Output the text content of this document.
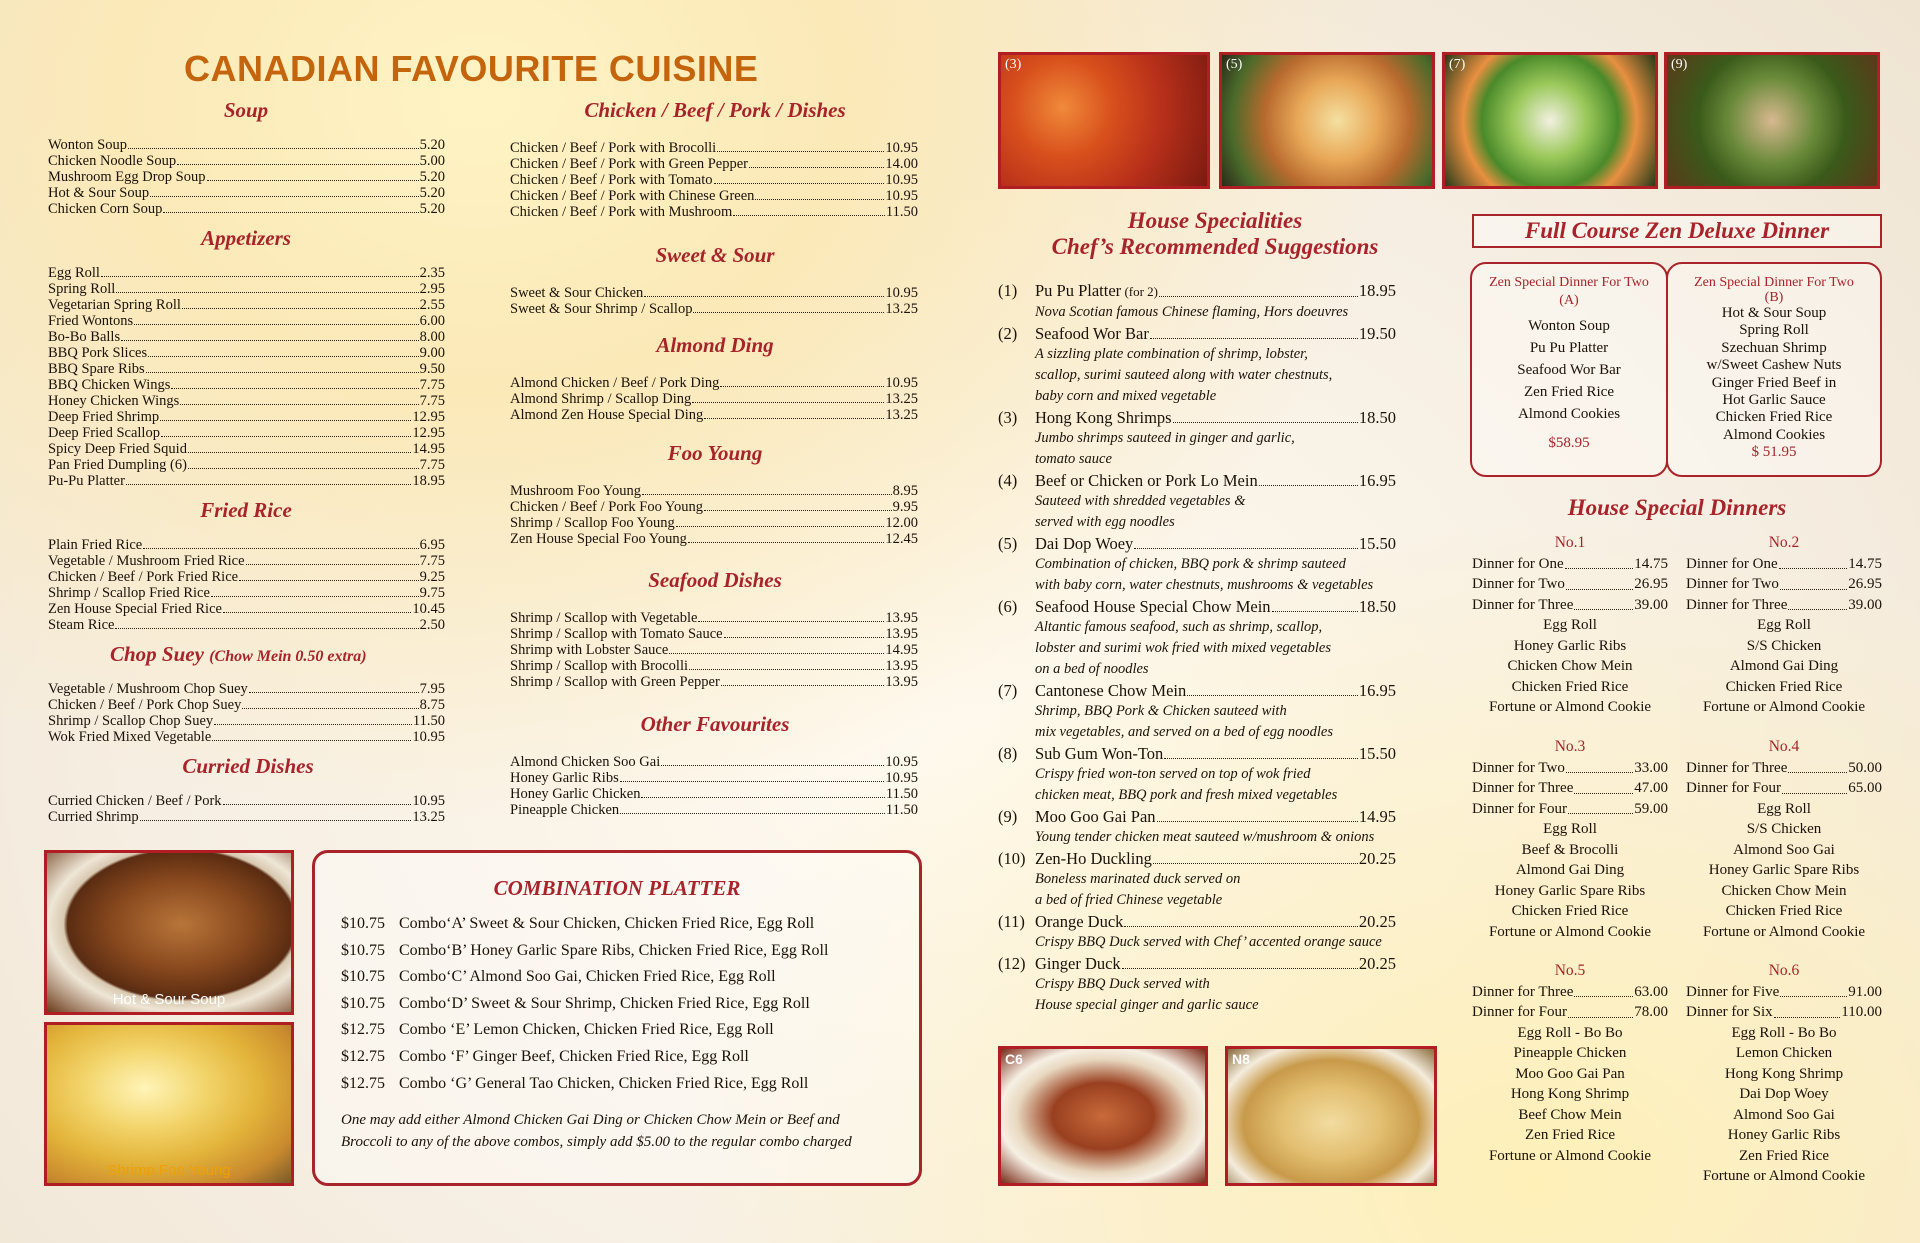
CANADIAN FAVOURITE CUISINE
Soup
Wonton Soup	5.20
Chicken Noodle Soup	5.00
Mushroom Egg Drop Soup	5.20
Hot & Sour Soup	5.20
Chicken Corn Soup	5.20
Appetizers
Egg Roll	2.35
Spring Roll	2.95
Vegetarian Spring Roll	2.55
Fried Wontons	6.00
Bo-Bo Balls	8.00
BBQ Pork Slices	9.00
BBQ Spare Ribs	9.50
BBQ Chicken Wings	7.75
Honey Chicken Wings	7.75
Deep Fried Shrimp	12.95
Deep Fried Scallop	12.95
Spicy Deep Fried Squid	14.95
Pan Fried Dumpling (6)	7.75
Pu-Pu Platter	18.95
Fried Rice
Plain Fried Rice	6.95
Vegetable / Mushroom Fried Rice	7.75
Chicken / Beef / Pork Fried Rice	9.25
Shrimp / Scallop Fried Rice	9.75
Zen House Special Fried Rice	10.45
Steam Rice	2.50
Chop Suey (Chow Mein 0.50 extra)
Vegetable / Mushroom Chop Suey	7.95
Chicken / Beef / Pork Chop Suey	8.75
Shrimp / Scallop Chop Suey	11.50
Wok Fried Mixed Vegetable	10.95
Curried Dishes
Curried Chicken / Beef / Pork	10.95
Curried Shrimp	13.25
Hot & Sour Soup
Shrimp Foo Young
Chicken / Beef / Pork / Dishes
Chicken / Beef / Pork with Brocolli	10.95
Chicken / Beef / Pork with Green Pepper	14.00
Chicken / Beef / Pork with Tomato	10.95
Chicken / Beef / Pork with Chinese Green	10.95
Chicken / Beef / Pork with Mushroom	11.50
Sweet & Sour
Sweet & Sour Chicken	10.95
Sweet & Sour Shrimp / Scallop	13.25
Almond Ding
Almond Chicken / Beef / Pork Ding	10.95
Almond Shrimp / Scallop Ding	13.25
Almond Zen House Special Ding	13.25
Foo Young
Mushroom Foo Young	8.95
Chicken / Beef / Pork Foo Young	9.95
Shrimp / Scallop Foo Young	12.00
Zen House Special Foo Young	12.45
Seafood Dishes
Shrimp / Scallop with Vegetable	13.95
Shrimp / Scallop with Tomato Sauce	13.95
Shrimp with Lobster Sauce	14.95
Shrimp / Scallop with Brocolli	13.95
Shrimp / Scallop with Green Pepper	13.95
Other Favourites
Almond Chicken Soo Gai	10.95
Honey Garlic Ribs	10.95
Honey Garlic Chicken	11.50
Pineapple Chicken	11.50
COMBINATION PLATTER
$10.75 Combo‘A’ Sweet & Sour Chicken, Chicken Fried Rice, Egg Roll
$10.75 Combo‘B’ Honey Garlic Spare Ribs, Chicken Fried Rice, Egg Roll
$10.75 Combo‘C’ Almond Soo Gai, Chicken Fried Rice, Egg Roll
$10.75 Combo‘D’ Sweet & Sour Shrimp, Chicken Fried Rice, Egg Roll
$12.75 Combo ‘E’ Lemon Chicken, Chicken Fried Rice, Egg Roll
$12.75 Combo ‘F’ Ginger Beef, Chicken Fried Rice, Egg Roll
$12.75 Combo ‘G’ General Tao Chicken, Chicken Fried Rice, Egg Roll
One may add either Almond Chicken Gai Ding or Chicken Chow Mein or Beef and
Broccoli to any of the above combos, simply add $5.00 to the regular combo charged
(3)	(5)	(7)	(9)
House Specialities
Chef’s Recommended Suggestions
(1)	Pu Pu Platter (for 2)	18.95
Nova Scotian famous Chinese flaming, Hors doeuvres
(2)	Seafood Wor Bar	19.50
A sizzling plate combination of shrimp, lobster,
scallop, surimi sauteed along with water chestnuts,
baby corn and mixed vegetable
(3)	Hong Kong Shrimps	18.50
Jumbo shrimps sauteed in ginger and garlic,
tomato sauce
(4)	Beef or Chicken or Pork Lo Mein	16.95
Sauteed with shredded vegetables &
served with egg noodles
(5)	Dai Dop Woey	15.50
Combination of chicken, BBQ pork & shrimp sauteed
with baby corn, water chestnuts, mushrooms & vegetables
(6)	Seafood House Special Chow Mein	18.50
Altantic famous seafood, such as shrimp, scallop,
lobster and surimi wok fried with mixed vegetables
on a bed of noodles
(7)	Cantonese Chow Mein	16.95
Shrimp, BBQ Pork & Chicken sauteed with
mix vegetables, and served on a bed of egg noodles
(8)	Sub Gum Won-Ton	15.50
Crispy fried won-ton served on top of wok fried
chicken meat, BBQ pork and fresh mixed vegetables
(9)	Moo Goo Gai Pan	14.95
Young tender chicken meat sauteed w/mushroom & onions
(10) Zen-Ho Duckling	20.25
Boneless marinated duck served on
a bed of fried Chinese vegetable
(11) Orange Duck	20.25
Crispy BBQ Duck served with Chef’ accented orange sauce
(12) Ginger Duck	20.25
Crispy BBQ Duck served with
House special ginger and garlic sauce
C6	N8
Full Course Zen Deluxe Dinner
Zen Special Dinner For Two
(A)
Wonton Soup
Pu Pu Platter
Seafood Wor Bar
Zen Fried Rice
Almond Cookies
$58.95
Zen Special Dinner For Two
(B)
Hot & Sour Soup
Spring Roll
Szechuan Shrimp
w/Sweet Cashew Nuts
Ginger Fried Beef in
Hot Garlic Sauce
Chicken Fried Rice
Almond Cookies
$ 51.95
House Special Dinners
No.1
Dinner for One	14.75
Dinner for Two	26.95
Dinner for Three	39.00
Egg Roll
Honey Garlic Ribs
Chicken Chow Mein
Chicken Fried Rice
Fortune or Almond Cookie
No.2
Dinner for One	14.75
Dinner for Two	26.95
Dinner for Three	39.00
Egg Roll
S/S Chicken
Almond Gai Ding
Chicken Fried Rice
Fortune or Almond Cookie
No.3
Dinner for Two	33.00
Dinner for Three	47.00
Dinner for Four	59.00
Egg Roll
Beef & Brocolli
Almond Gai Ding
Honey Garlic Spare Ribs
Chicken Fried Rice
Fortune or Almond Cookie
No.4
Dinner for Three	50.00
Dinner for Four	65.00
Egg Roll
S/S Chicken
Almond Soo Gai
Honey Garlic Spare Ribs
Chicken Chow Mein
Chicken Fried Rice
Fortune or Almond Cookie
No.5
Dinner for Three	63.00
Dinner for Four	78.00
Egg Roll - Bo Bo
Pineapple Chicken
Moo Goo Gai Pan
Hong Kong Shrimp
Beef Chow Mein
Zen Fried Rice
Fortune or Almond Cookie
No.6
Dinner for Five	91.00
Dinner for Six	110.00
Egg Roll - Bo Bo
Lemon Chicken
Hong Kong Shrimp
Dai Dop Woey
Almond Soo Gai
Honey Garlic Ribs
Zen Fried Rice
Fortune or Almond Cookie
